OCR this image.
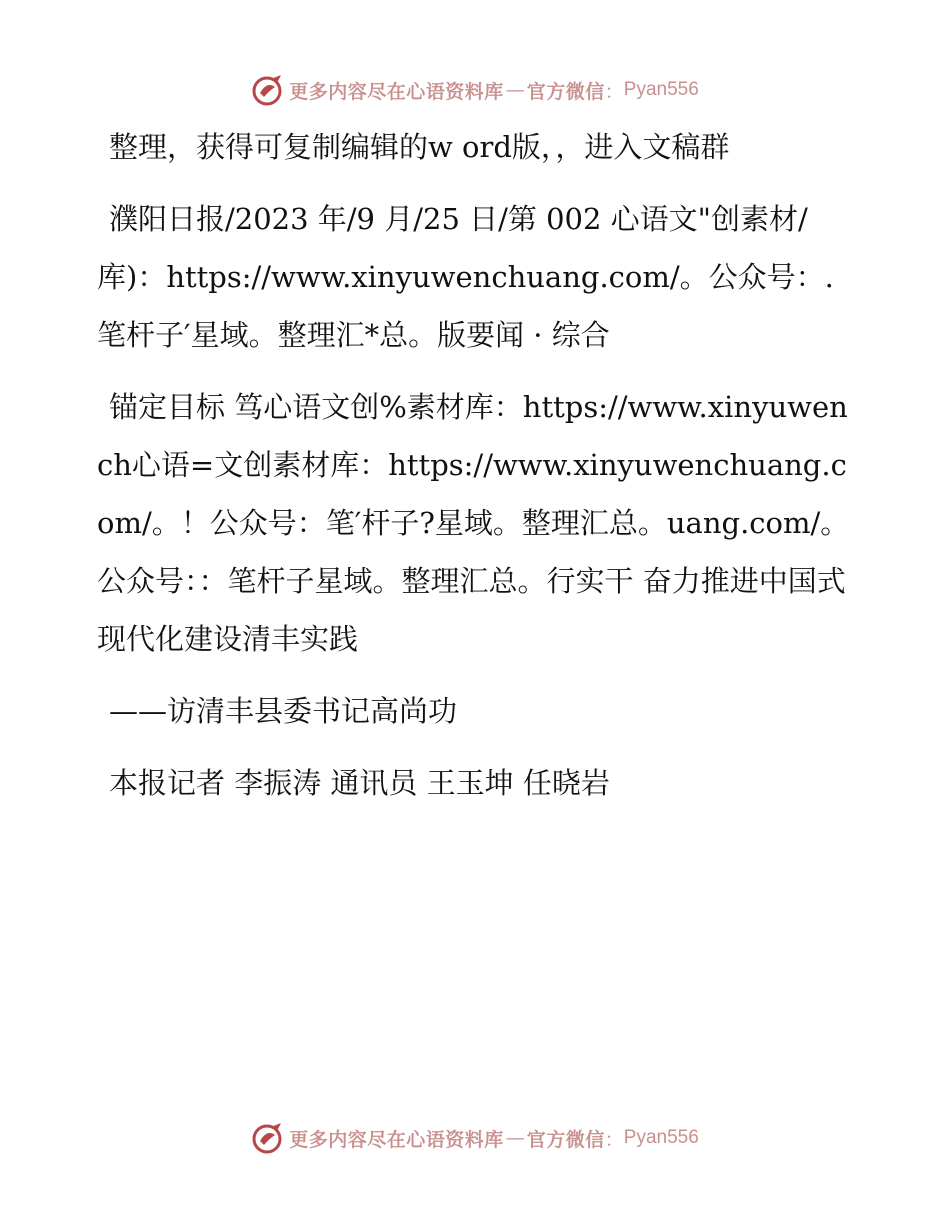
更多内容尽在心语资料库 — 官方微信 ： Pyan556

整理，获得可复制编辑的w ord版，，进入文稿群

濮阳日报/2023 年/9 月/25 日/第 002 心语文"创素材/库)：https://www.xinyuwenchuang.com/。公众号：.笔杆子′星域。整理汇*总。版要闻 · 综合

锚定目标 笃心语文创%素材库：https://www.xinyuwench心语=文创素材库：https://www.xinyuwenchuang.com/。！公众号：笔′杆子?星域。整理汇总。uang.com/。公众号：：笔杆子星域。整理汇总。行实干 奋力推进中国式现代化建设清丰实践

——访清丰县委书记高尚功

本报记者 李振涛 通讯员 王玉坤 任晓岩

更多内容尽在心语资料库 — 官方微信 ： Pyan556
